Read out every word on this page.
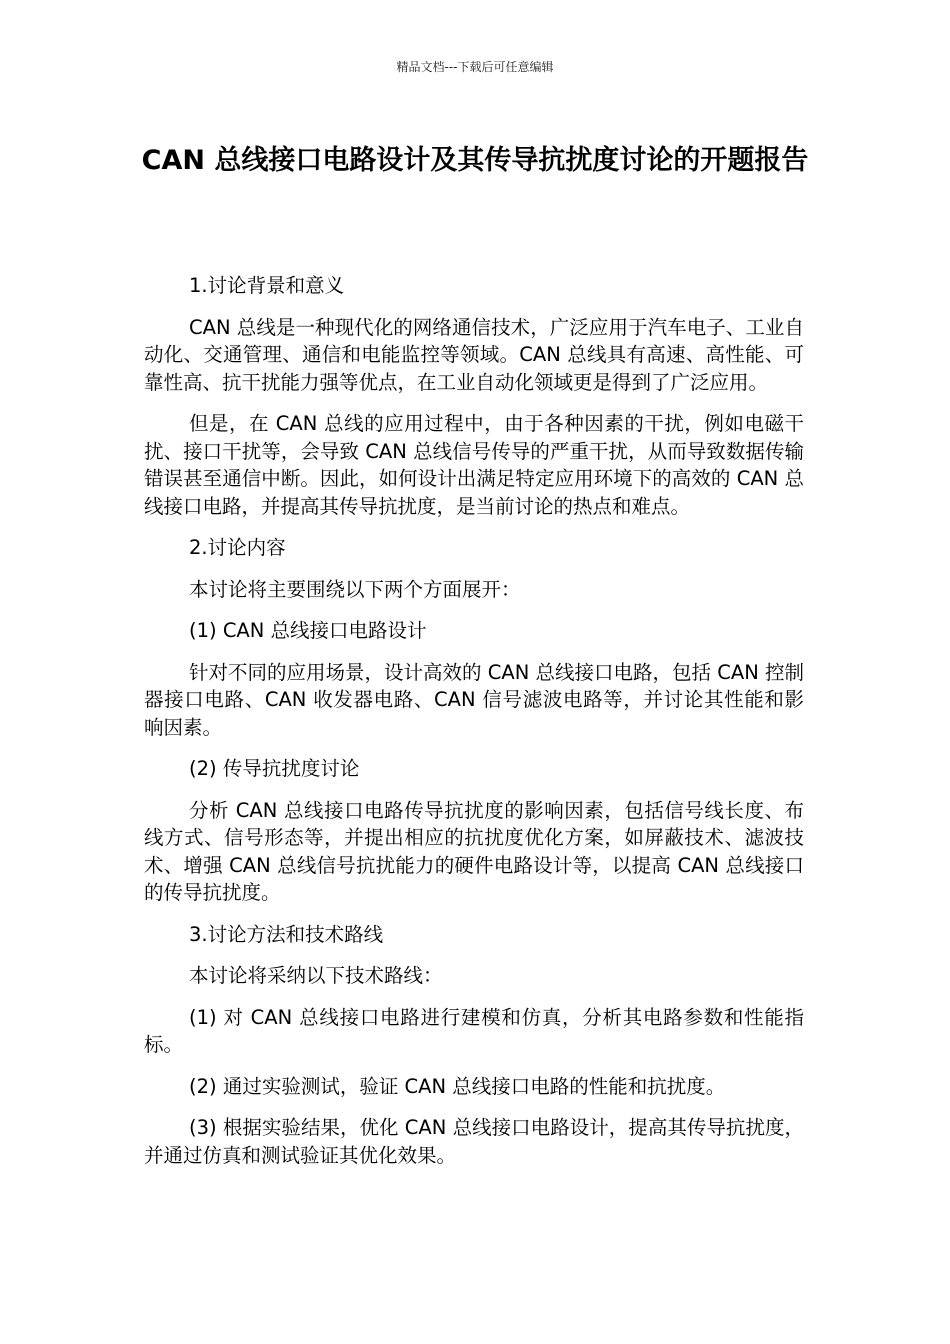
精品文档---下载后可任意编辑
CAN 总线接口电路设计及其传导抗扰度讨论的开题报告

1.讨论背景和意义

CAN 总线是一种现代化的网络通信技术，广泛应用于汽车电子、工业自动化、交通管理、通信和电能监控等领域。CAN 总线具有高速、高性能、可靠性高、抗干扰能力强等优点，在工业自动化领域更是得到了广泛应用。

但是，在 CAN 总线的应用过程中，由于各种因素的干扰，例如电磁干扰、接口干扰等，会导致 CAN 总线信号传导的严重干扰，从而导致数据传输错误甚至通信中断。因此，如何设计出满足特定应用环境下的高效的 CAN 总线接口电路，并提高其传导抗扰度，是当前讨论的热点和难点。

2.讨论内容

本讨论将主要围绕以下两个方面展开：

(1) CAN 总线接口电路设计

针对不同的应用场景，设计高效的 CAN 总线接口电路，包括 CAN 控制器接口电路、CAN 收发器电路、CAN 信号滤波电路等，并讨论其性能和影响因素。

(2) 传导抗扰度讨论

分析 CAN 总线接口电路传导抗扰度的影响因素，包括信号线长度、布线方式、信号形态等，并提出相应的抗扰度优化方案，如屏蔽技术、滤波技术、增强 CAN 总线信号抗扰能力的硬件电路设计等，以提高 CAN 总线接口的传导抗扰度。

3.讨论方法和技术路线

本讨论将采纳以下技术路线：

(1) 对 CAN 总线接口电路进行建模和仿真，分析其电路参数和性能指标。

(2) 通过实验测试，验证 CAN 总线接口电路的性能和抗扰度。

(3) 根据实验结果，优化 CAN 总线接口电路设计，提高其传导抗扰度，并通过仿真和测试验证其优化效果。
